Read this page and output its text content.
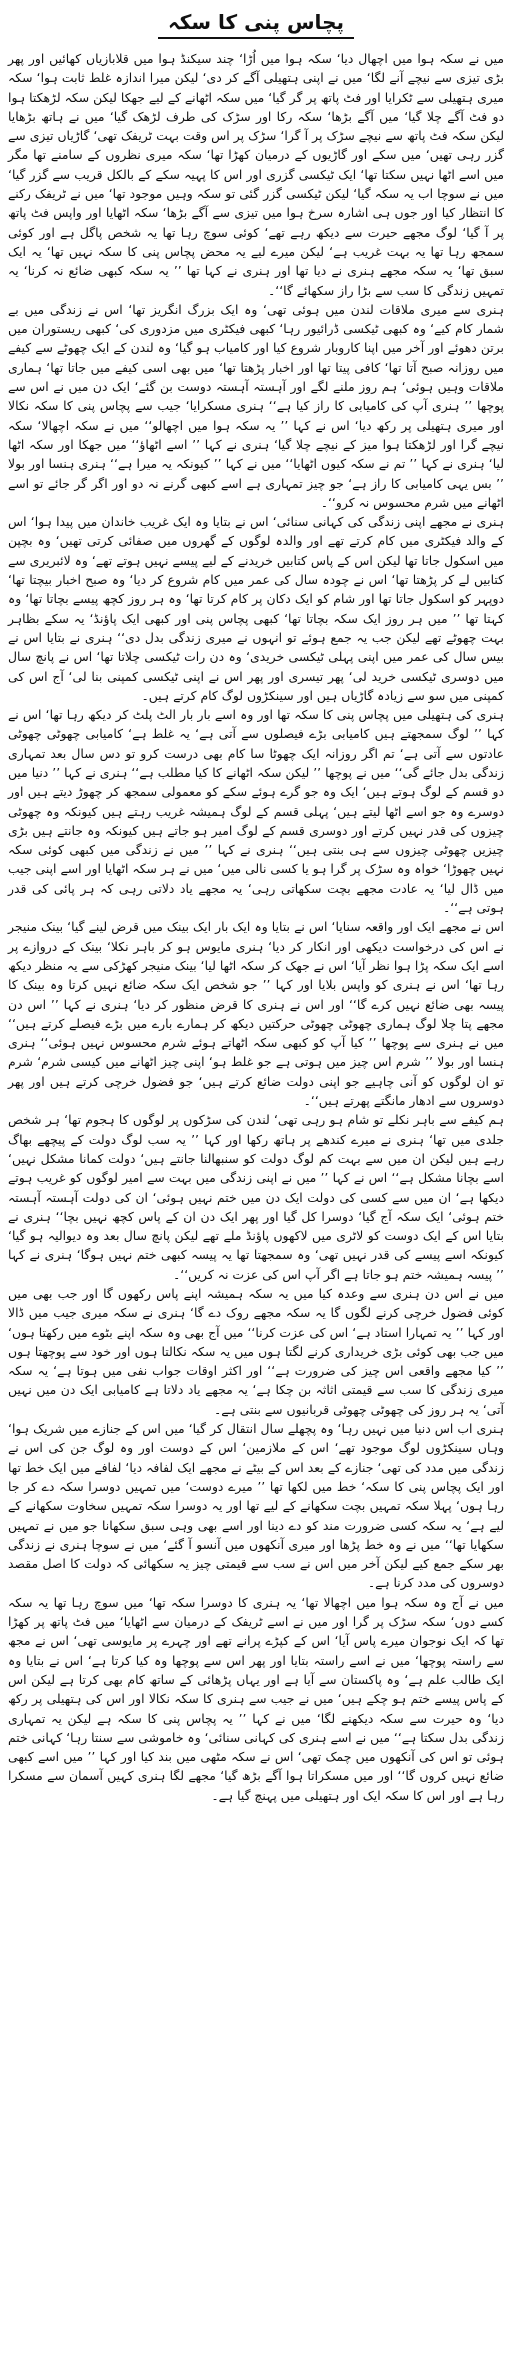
پچاس پنی کا سکہ

میں نے سکہ ہوا میں اچھال دیا‘ سکہ ہوا میں اُڑا‘ چند سیکنڈ ہوا میں قلابازیاں کھائیں اور پھر بڑی تیزی سے نیچے آنے لگا‘ میں نے اپنی ہتھیلی آگے کر دی‘ لیکن میرا اندازہ غلط ثابت ہوا‘ سکہ میری ہتھیلی سے ٹکرایا اور فٹ پاتھ پر گر گیا‘ میں سکہ اٹھانے کے لیے جھکا لیکن سکہ لڑھکتا ہوا دو فٹ آگے چلا گیا‘ میں آگے بڑھا‘ سکہ رکا اور سڑک کی طرف لڑھک گیا‘ میں نے ہاتھ بڑھایا لیکن سکہ فٹ پاتھ سے نیچے سڑک پر آ گرا‘ سڑک پر اس وقت بہت ٹریفک تھی‘ گاڑیاں تیزی سے گزر رہی تھیں‘ میں سکے اور گاڑیوں کے درمیان کھڑا تھا‘ سکہ میری نظروں کے سامنے تھا مگر میں اسے اٹھا نہیں سکتا تھا‘ ایک ٹیکسی گزری اور اس کا پہیہ سکے کے بالکل قریب سے گزر گیا‘ میں نے سوچا اب یہ سکہ گیا‘ لیکن ٹیکسی گزر گئی تو سکہ وہیں موجود تھا‘ میں نے ٹریفک رکنے کا انتظار کیا اور جوں ہی اشارہ سرخ ہوا میں تیزی سے آگے بڑھا‘ سکہ اٹھایا اور واپس فٹ پاتھ پر آ گیا‘ لوگ مجھے حیرت سے دیکھ رہے تھے‘ کوئی سوچ رہا تھا یہ شخص پاگل ہے اور کوئی سمجھ رہا تھا یہ بہت غریب ہے‘ لیکن میرے لیے یہ محض پچاس پنی کا سکہ نہیں تھا‘ یہ ایک سبق تھا‘ یہ سکہ مجھے ہنری نے دیا تھا اور ہنری نے کہا تھا ’’ یہ سکہ کبھی ضائع نہ کرنا‘ یہ تمہیں زندگی کا سب سے بڑا راز سکھائے گا‘‘۔

ہنری سے میری ملاقات لندن میں ہوئی تھی‘ وہ ایک بزرگ انگریز تھا‘ اس نے زندگی میں بے شمار کام کیے‘ وہ کبھی ٹیکسی ڈرائیور رہا‘ کبھی فیکٹری میں مزدوری کی‘ کبھی ریستوران میں برتن دھوئے اور آخر میں اپنا کاروبار شروع کیا اور کامیاب ہو گیا‘ وہ لندن کے ایک چھوٹے سے کیفے میں روزانہ صبح آتا تھا‘ کافی پیتا تھا اور اخبار پڑھتا تھا‘ میں بھی اسی کیفے میں جاتا تھا‘ ہماری ملاقات وہیں ہوئی‘ ہم روز ملنے لگے اور آہستہ آہستہ دوست بن گئے‘ ایک دن میں نے اس سے پوچھا ’’ ہنری آپ کی کامیابی کا راز کیا ہے‘‘ ہنری مسکرایا‘ جیب سے پچاس پنی کا سکہ نکالا اور میری ہتھیلی پر رکھ دیا‘ اس نے کہا ’’ یہ سکہ ہوا میں اچھالو‘‘ میں نے سکہ اچھالا‘ سکہ نیچے گرا اور لڑھکتا ہوا میز کے نیچے چلا گیا‘ ہنری نے کہا ’’ اسے اٹھاؤ‘‘ میں جھکا اور سکہ اٹھا لیا‘ ہنری نے کہا ’’ تم نے سکہ کیوں اٹھایا‘‘ میں نے کہا ’’ کیونکہ یہ میرا ہے‘‘ ہنری ہنسا اور بولا ’’ بس یہی کامیابی کا راز ہے‘ جو چیز تمہاری ہے اسے کبھی گرنے نہ دو اور اگر گر جائے تو اسے اٹھانے میں شرم محسوس نہ کرو‘‘۔

ہنری نے مجھے اپنی زندگی کی کہانی سنائی‘ اس نے بتایا وہ ایک غریب خاندان میں پیدا ہوا‘ اس کے والد فیکٹری میں کام کرتے تھے اور والدہ لوگوں کے گھروں میں صفائی کرتی تھیں‘ وہ بچپن میں اسکول جاتا تھا لیکن اس کے پاس کتابیں خریدنے کے لیے پیسے نہیں ہوتے تھے‘ وہ لائبریری سے کتابیں لے کر پڑھتا تھا‘ اس نے چودہ سال کی عمر میں کام شروع کر دیا‘ وہ صبح اخبار بیچتا تھا‘ دوپہر کو اسکول جاتا تھا اور شام کو ایک دکان پر کام کرتا تھا‘ وہ ہر روز کچھ پیسے بچاتا تھا‘ وہ کہتا تھا ’’ میں ہر روز ایک سکہ بچاتا تھا‘ کبھی پچاس پنی اور کبھی ایک پاؤنڈ‘ یہ سکے بظاہر بہت چھوٹے تھے لیکن جب یہ جمع ہوئے تو انہوں نے میری زندگی بدل دی‘‘ ہنری نے بتایا اس نے بیس سال کی عمر میں اپنی پہلی ٹیکسی خریدی‘ وہ دن رات ٹیکسی چلاتا تھا‘ اس نے پانچ سال میں دوسری ٹیکسی خرید لی‘ پھر تیسری اور پھر اس نے اپنی ٹیکسی کمپنی بنا لی‘ آج اس کی کمپنی میں سو سے زیادہ گاڑیاں ہیں اور سینکڑوں لوگ کام کرتے ہیں۔

ہنری کی ہتھیلی میں پچاس پنی کا سکہ تھا اور وہ اسے بار بار الٹ پلٹ کر دیکھ رہا تھا‘ اس نے کہا ’’ لوگ سمجھتے ہیں کامیابی بڑے فیصلوں سے آتی ہے‘ یہ غلط ہے‘ کامیابی چھوٹی چھوٹی عادتوں سے آتی ہے‘ تم اگر روزانہ ایک چھوٹا سا کام بھی درست کرو تو دس سال بعد تمہاری زندگی بدل جائے گی‘‘ میں نے پوچھا ’’ لیکن سکہ اٹھانے کا کیا مطلب ہے‘‘ ہنری نے کہا ’’ دنیا میں دو قسم کے لوگ ہوتے ہیں‘ ایک وہ جو گرے ہوئے سکے کو معمولی سمجھ کر چھوڑ دیتے ہیں اور دوسرے وہ جو اسے اٹھا لیتے ہیں‘ پہلی قسم کے لوگ ہمیشہ غریب رہتے ہیں کیونکہ وہ چھوٹی چیزوں کی قدر نہیں کرتے اور دوسری قسم کے لوگ امیر ہو جاتے ہیں کیونکہ وہ جانتے ہیں بڑی چیزیں چھوٹی چیزوں سے ہی بنتی ہیں‘‘ ہنری نے کہا ’’ میں نے زندگی میں کبھی کوئی سکہ نہیں چھوڑا‘ خواہ وہ سڑک پر گرا ہو یا کسی نالی میں‘ میں نے ہر سکہ اٹھایا اور اسے اپنی جیب میں ڈال لیا‘ یہ عادت مجھے بچت سکھاتی رہی‘ یہ مجھے یاد دلاتی رہی کہ ہر پائی کی قدر ہوتی ہے‘‘۔

اس نے مجھے ایک اور واقعہ سنایا‘ اس نے بتایا وہ ایک بار ایک بینک میں قرض لینے گیا‘ بینک منیجر نے اس کی درخواست دیکھی اور انکار کر دیا‘ ہنری مایوس ہو کر باہر نکلا‘ بینک کے دروازے پر اسے ایک سکہ پڑا ہوا نظر آیا‘ اس نے جھک کر سکہ اٹھا لیا‘ بینک منیجر کھڑکی سے یہ منظر دیکھ رہا تھا‘ اس نے ہنری کو واپس بلایا اور کہا ’’ جو شخص ایک سکہ ضائع نہیں کرتا وہ بینک کا پیسہ بھی ضائع نہیں کرے گا‘‘ اور اس نے ہنری کا قرض منظور کر دیا‘ ہنری نے کہا ’’ اس دن مجھے پتا چلا لوگ ہماری چھوٹی چھوٹی حرکتیں دیکھ کر ہمارے بارے میں بڑے فیصلے کرتے ہیں‘‘ میں نے ہنری سے پوچھا ’’ کیا آپ کو کبھی سکہ اٹھاتے ہوئے شرم محسوس نہیں ہوئی‘‘ ہنری ہنسا اور بولا ’’ شرم اس چیز میں ہوتی ہے جو غلط ہو‘ اپنی چیز اٹھانے میں کیسی شرم‘ شرم تو ان لوگوں کو آنی چاہیے جو اپنی دولت ضائع کرتے ہیں‘ جو فضول خرچی کرتے ہیں اور پھر دوسروں سے ادھار مانگتے پھرتے ہیں‘‘۔

ہم کیفے سے باہر نکلے تو شام ہو رہی تھی‘ لندن کی سڑکوں پر لوگوں کا ہجوم تھا‘ ہر شخص جلدی میں تھا‘ ہنری نے میرے کندھے پر ہاتھ رکھا اور کہا ’’ یہ سب لوگ دولت کے پیچھے بھاگ رہے ہیں لیکن ان میں سے بہت کم لوگ دولت کو سنبھالنا جانتے ہیں‘ دولت کمانا مشکل نہیں‘ اسے بچانا مشکل ہے‘‘ اس نے کہا ’’ میں نے اپنی زندگی میں بہت سے امیر لوگوں کو غریب ہوتے دیکھا ہے‘ ان میں سے کسی کی دولت ایک دن میں ختم نہیں ہوئی‘ ان کی دولت آہستہ آہستہ ختم ہوئی‘ ایک سکہ آج گیا‘ دوسرا کل گیا اور پھر ایک دن ان کے پاس کچھ نہیں بچا‘‘ ہنری نے بتایا اس کے ایک دوست کو لاٹری میں لاکھوں پاؤنڈ ملے تھے لیکن پانچ سال بعد وہ دیوالیہ ہو گیا‘ کیونکہ اسے پیسے کی قدر نہیں تھی‘ وہ سمجھتا تھا یہ پیسہ کبھی ختم نہیں ہوگا‘ ہنری نے کہا ’’ پیسہ ہمیشہ ختم ہو جاتا ہے اگر آپ اس کی عزت نہ کریں‘‘۔

میں نے اس دن ہنری سے وعدہ کیا میں یہ سکہ ہمیشہ اپنے پاس رکھوں گا اور جب بھی میں کوئی فضول خرچی کرنے لگوں گا یہ سکہ مجھے روک دے گا‘ ہنری نے سکہ میری جیب میں ڈالا اور کہا ’’ یہ تمہارا استاد ہے‘ اس کی عزت کرنا‘‘ میں آج بھی وہ سکہ اپنے بٹوے میں رکھتا ہوں‘ میں جب بھی کوئی بڑی خریداری کرنے لگتا ہوں میں یہ سکہ نکالتا ہوں اور خود سے پوچھتا ہوں ’’ کیا مجھے واقعی اس چیز کی ضرورت ہے‘‘ اور اکثر اوقات جواب نفی میں ہوتا ہے‘ یہ سکہ میری زندگی کا سب سے قیمتی اثاثہ بن چکا ہے‘ یہ مجھے یاد دلاتا ہے کامیابی ایک دن میں نہیں آتی‘ یہ ہر روز کی چھوٹی چھوٹی قربانیوں سے بنتی ہے۔

ہنری اب اس دنیا میں نہیں رہا‘ وہ پچھلے سال انتقال کر گیا‘ میں اس کے جنازے میں شریک ہوا‘ وہاں سینکڑوں لوگ موجود تھے‘ اس کے ملازمین‘ اس کے دوست اور وہ لوگ جن کی اس نے زندگی میں مدد کی تھی‘ جنازے کے بعد اس کے بیٹے نے مجھے ایک لفافہ دیا‘ لفافے میں ایک خط تھا اور ایک پچاس پنی کا سکہ‘ خط میں لکھا تھا ’’ میرے دوست‘ میں تمہیں دوسرا سکہ دے کر جا رہا ہوں‘ پہلا سکہ تمہیں بچت سکھانے کے لیے تھا اور یہ دوسرا سکہ تمہیں سخاوت سکھانے کے لیے ہے‘ یہ سکہ کسی ضرورت مند کو دے دینا اور اسے بھی وہی سبق سکھانا جو میں نے تمہیں سکھایا تھا‘‘ میں نے وہ خط پڑھا اور میری آنکھوں میں آنسو آ گئے‘ میں نے سوچا ہنری نے زندگی بھر سکے جمع کیے لیکن آخر میں اس نے سب سے قیمتی چیز یہ سکھائی کہ دولت کا اصل مقصد دوسروں کی مدد کرنا ہے۔

میں نے آج وہ سکہ ہوا میں اچھالا تھا‘ یہ ہنری کا دوسرا سکہ تھا‘ میں سوچ رہا تھا یہ سکہ کسے دوں‘ سکہ سڑک پر گرا اور میں نے اسے ٹریفک کے درمیان سے اٹھایا‘ میں فٹ پاتھ پر کھڑا تھا کہ ایک نوجوان میرے پاس آیا‘ اس کے کپڑے پرانے تھے اور چہرے پر مایوسی تھی‘ اس نے مجھ سے راستہ پوچھا‘ میں نے اسے راستہ بتایا اور پھر اس سے پوچھا وہ کیا کرتا ہے‘ اس نے بتایا وہ ایک طالب علم ہے‘ وہ پاکستان سے آیا ہے اور یہاں پڑھائی کے ساتھ کام بھی کرتا ہے لیکن اس کے پاس پیسے ختم ہو چکے ہیں‘ میں نے جیب سے ہنری کا سکہ نکالا اور اس کی ہتھیلی پر رکھ دیا‘ وہ حیرت سے سکہ دیکھنے لگا‘ میں نے کہا ’’ یہ پچاس پنی کا سکہ ہے لیکن یہ تمہاری زندگی بدل سکتا ہے‘‘ میں نے اسے ہنری کی کہانی سنائی‘ وہ خاموشی سے سنتا رہا‘ کہانی ختم ہوئی تو اس کی آنکھوں میں چمک تھی‘ اس نے سکہ مٹھی میں بند کیا اور کہا ’’ میں اسے کبھی ضائع نہیں کروں گا‘‘ اور میں مسکراتا ہوا آگے بڑھ گیا‘ مجھے لگا ہنری کہیں آسمان سے مسکرا رہا ہے اور اس کا سکہ ایک اور ہتھیلی میں پہنچ گیا ہے۔
